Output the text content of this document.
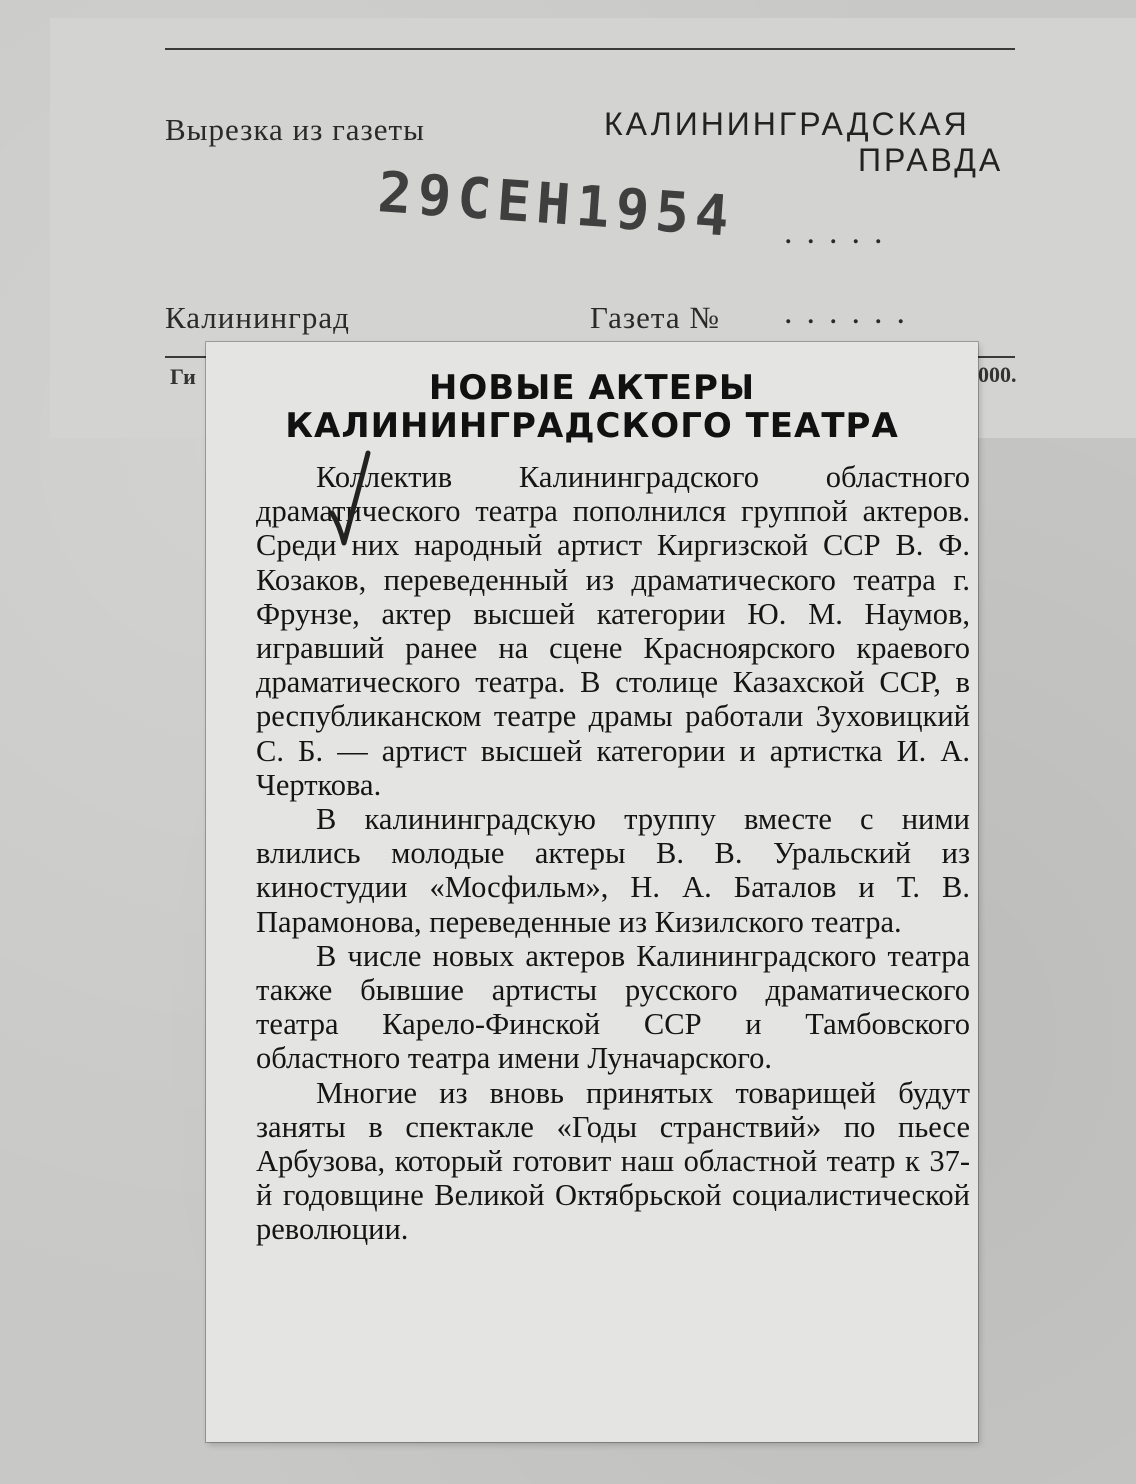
Вырезка из газеты	КАЛИНИНГРАДСКАЯ
ПРАВДА
29СЕН1954 .....
Калининград	Газета № ......
Ги	000.
НОВЫЕ АКТЕРЫ
КАЛИНИНГРАДСКОГО ТЕАТРА

Коллектив Калининградского областного драматического театра пополнился группой актеров. Среди них народный артист Киргизской ССР В. Ф. Козаков, переведенный из драматического театра г. Фрунзе, актер высшей категории Ю. М. Наумов, игравший ранее на сцене Красноярского краевого драматического театра. В столице Казахской ССР, в республиканском театре драмы работали Зуховицкий С. Б. — артист высшей категории и артистка И. А. Черткова.

В калининградскую труппу вместе с ними влились молодые актеры В. В. Уральский из киностудии «Мосфильм», Н. А. Баталов и Т. В. Парамонова, переведенные из Кизилского театра.

В числе новых актеров Калининградского театра также бывшие артисты русского драматического театра Карело-Финской ССР и Тамбовского областного театра имени Луначарского.

Многие из вновь принятых товарищей будут заняты в спектакле «Годы странствий» по пьесе Арбузова, который готовит наш областной театр к 37-й годовщине Великой Октябрьской социалистической революции.
